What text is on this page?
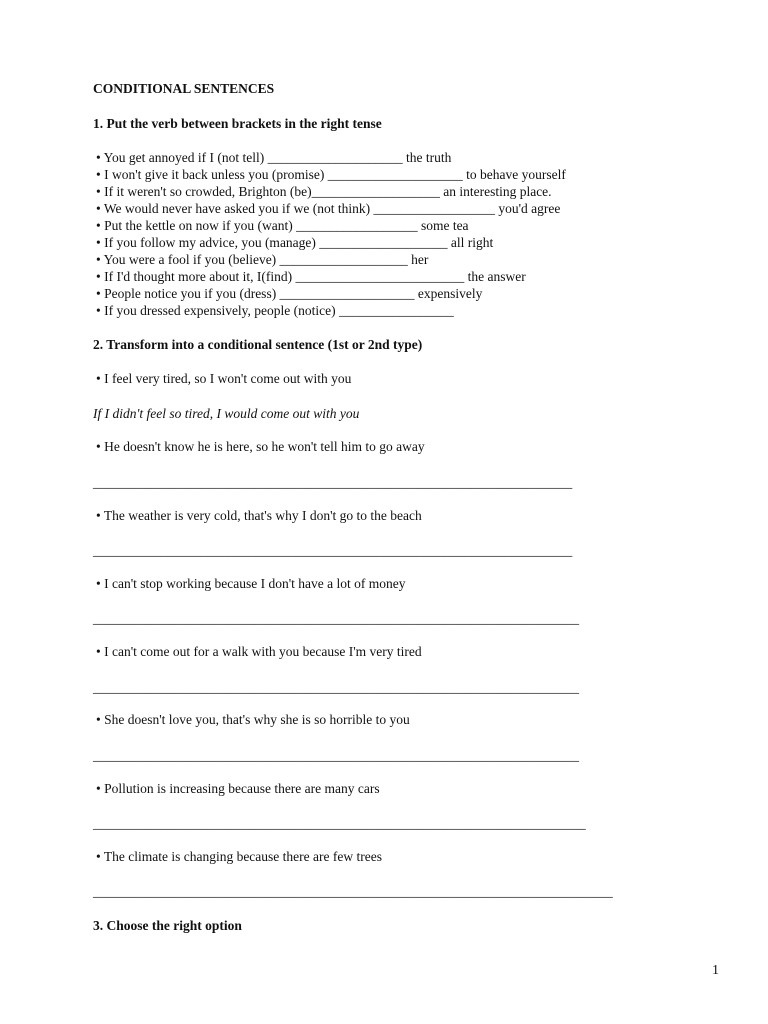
CONDITIONAL SENTENCES
1. Put the verb between brackets in the right tense
• You get annoyed if I (not tell) ____________________ the truth
• I won't give it back unless you (promise) ____________________ to behave yourself
• If it weren't so crowded, Brighton (be)___________________ an interesting place.
• We would never have asked you if we (not think) __________________ you'd agree
• Put the kettle on now if you (want) __________________ some tea
• If you follow my advice, you (manage) ___________________ all right
• You were a fool if you (believe) ___________________ her
• If I'd thought more about it, I(find) _________________________ the answer
• People notice you if you (dress) ____________________ expensively
• If you dressed expensively, people (notice) _________________
2. Transform into a conditional sentence (1st or 2nd type)
• I feel very tired, so I won't come out with you
If I didn't feel so tired, I would come out with you
• He doesn't know he is here, so he won't tell him to go away
_______________________________________________________________________
• The weather is very cold, that's why I don't go to the beach
_______________________________________________________________________
• I can't stop working because I don't have a lot of money
________________________________________________________________________
• I can't come out for a walk with you because I'm very tired
________________________________________________________________________
• She doesn't love you, that's why she is so horrible to you
________________________________________________________________________
• Pollution is increasing because there are many cars
_________________________________________________________________________
• The climate is changing because there are few trees
_____________________________________________________________________________
3. Choose the right option
1
